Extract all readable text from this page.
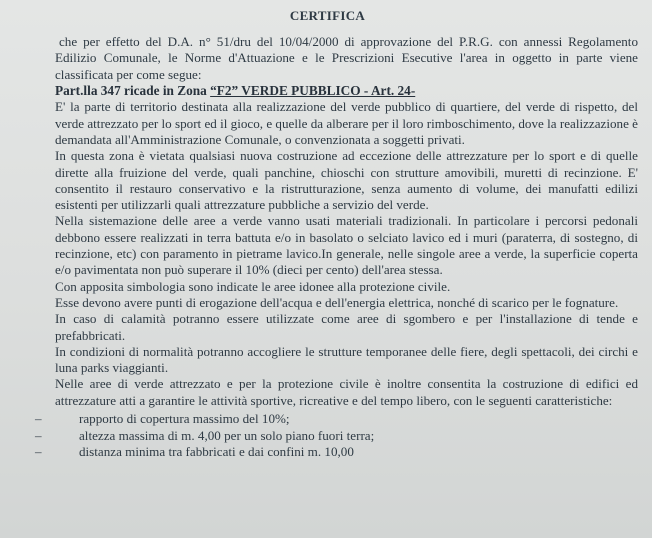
CERTIFICA

che per effetto del D.A. n° 51/dru del 10/04/2000 di approvazione del P.R.G. con annessi Regolamento Edilizio Comunale, le Norme d'Attuazione e le Prescrizioni Esecutive l'area in oggetto in parte viene classificata per come segue:

Part.lla 347 ricade in Zona “F2” VERDE PUBBLICO - Art. 24-

E' la parte di territorio destinata alla realizzazione del verde pubblico di quartiere, del verde di rispetto, del verde attrezzato per lo sport ed il gioco, e quelle da alberare per il loro rimboschimento, dove la realizzazione è demandata all'Amministrazione Comunale, o convenzionata a soggetti privati.

In questa zona è vietata qualsiasi nuova costruzione ad eccezione delle attrezzature per lo sport e di quelle dirette alla fruizione del verde, quali panchine, chioschi con strutture amovibili, muretti di recinzione. E' consentito il restauro conservativo e la ristrutturazione, senza aumento di volume, dei manufatti edilizi esistenti per utilizzarli quali attrezzature pubbliche a servizio del verde.

Nella sistemazione delle aree a verde vanno usati materiali tradizionali. In particolare i percorsi pedonali debbono essere realizzati in terra battuta e/o in basolato o selciato lavico ed i muri (paraterra, di sostegno, di recinzione, etc) con paramento in pietrame lavico.In generale, nelle singole aree a verde, la superficie coperta e/o pavimentata non può superare il 10% (dieci per cento) dell'area stessa.

Con apposita simbologia sono indicate le aree idonee alla protezione civile.

Esse devono avere punti di erogazione dell'acqua e dell'energia elettrica, nonché di scarico per le fognature.

In caso di calamità potranno essere utilizzate come aree di sgombero e per l'installazione di tende e prefabbricati.

In condizioni di normalità potranno accogliere le strutture temporanee delle fiere, degli spettacoli, dei circhi e luna parks viaggianti.

Nelle aree di verde attrezzato e per la protezione civile è inoltre consentita la costruzione di edifici ed attrezzature atti a garantire le attività sportive, ricreative e del tempo libero, con le seguenti caratteristiche:

–	rapporto di copertura massimo del 10%;
–	altezza massima di m. 4,00 per un solo piano fuori terra;
–	distanza minima tra fabbricati e dai confini m. 10,00
